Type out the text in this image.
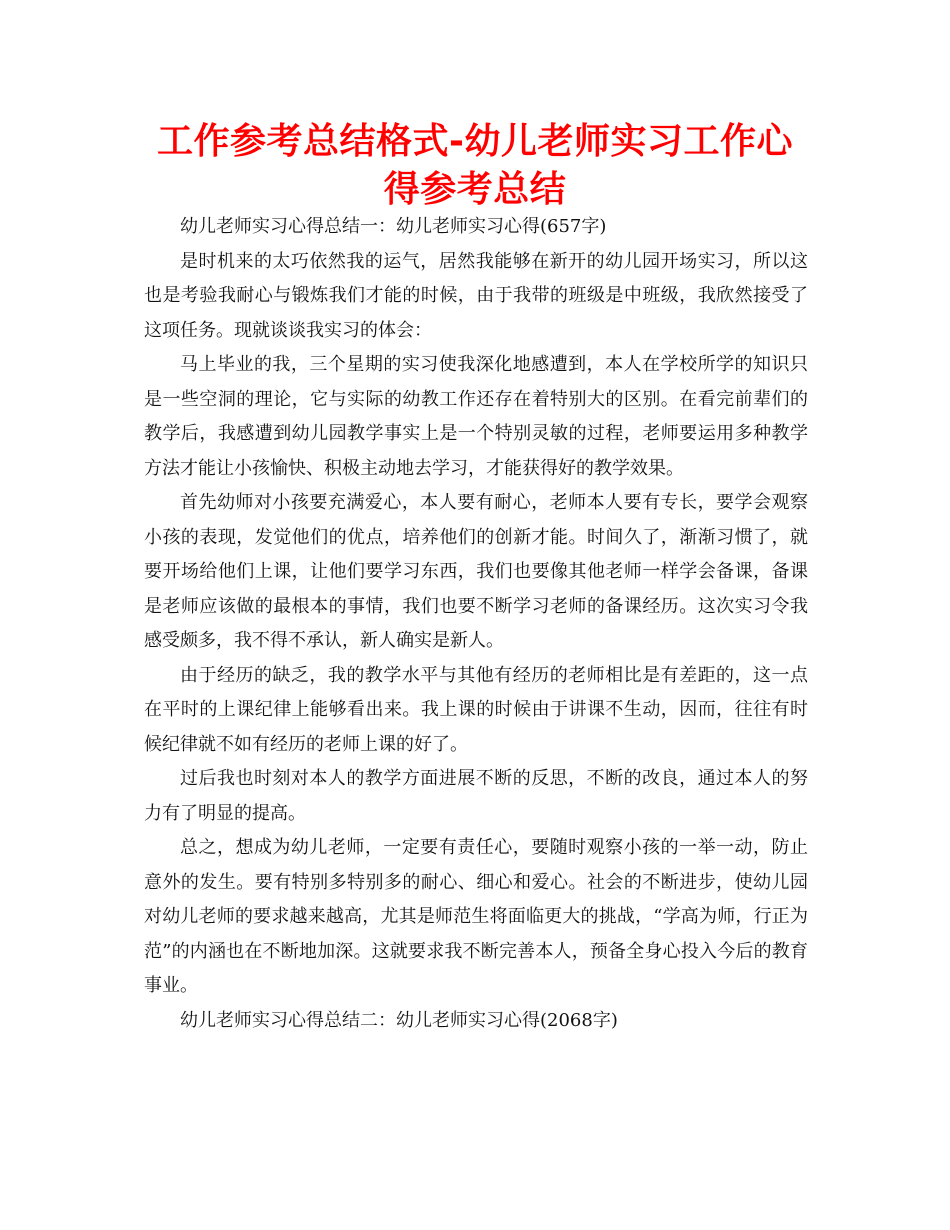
工作参考总结格式-幼儿老师实习工作心得参考总结

幼儿老师实习心得总结一：幼儿老师实习心得(657字)

是时机来的太巧依然我的运气，居然我能够在新开的幼儿园开场实习，所以这也是考验我耐心与锻炼我们才能的时候，由于我带的班级是中班级，我欣然接受了这项任务。现就谈谈我实习的体会：

马上毕业的我，三个星期的实习使我深化地感遭到，本人在学校所学的知识只是一些空洞的理论，它与实际的幼教工作还存在着特别大的区别。在看完前辈们的教学后，我感遭到幼儿园教学事实上是一个特别灵敏的过程，老师要运用多种教学方法才能让小孩愉快、积极主动地去学习，才能获得好的教学效果。

首先幼师对小孩要充满爱心，本人要有耐心，老师本人要有专长，要学会观察小孩的表现，发觉他们的优点，培养他们的创新才能。时间久了，渐渐习惯了，就要开场给他们上课，让他们要学习东西，我们也要像其他老师一样学会备课，备课是老师应该做的最根本的事情，我们也要不断学习老师的备课经历。这次实习令我感受颇多，我不得不承认，新人确实是新人。

由于经历的缺乏，我的教学水平与其他有经历的老师相比是有差距的，这一点在平时的上课纪律上能够看出来。我上课的时候由于讲课不生动，因而，往往有时候纪律就不如有经历的老师上课的好了。

过后我也时刻对本人的教学方面进展不断的反思，不断的改良，通过本人的努力有了明显的提高。

总之，想成为幼儿老师，一定要有责任心，要随时观察小孩的一举一动，防止意外的发生。要有特别多特别多的耐心、细心和爱心。社会的不断进步，使幼儿园对幼儿老师的要求越来越高，尤其是师范生将面临更大的挑战，“学高为师，行正为范”的内涵也在不断地加深。这就要求我不断完善本人，预备全身心投入今后的教育事业。

幼儿老师实习心得总结二：幼儿老师实习心得(2068字)
